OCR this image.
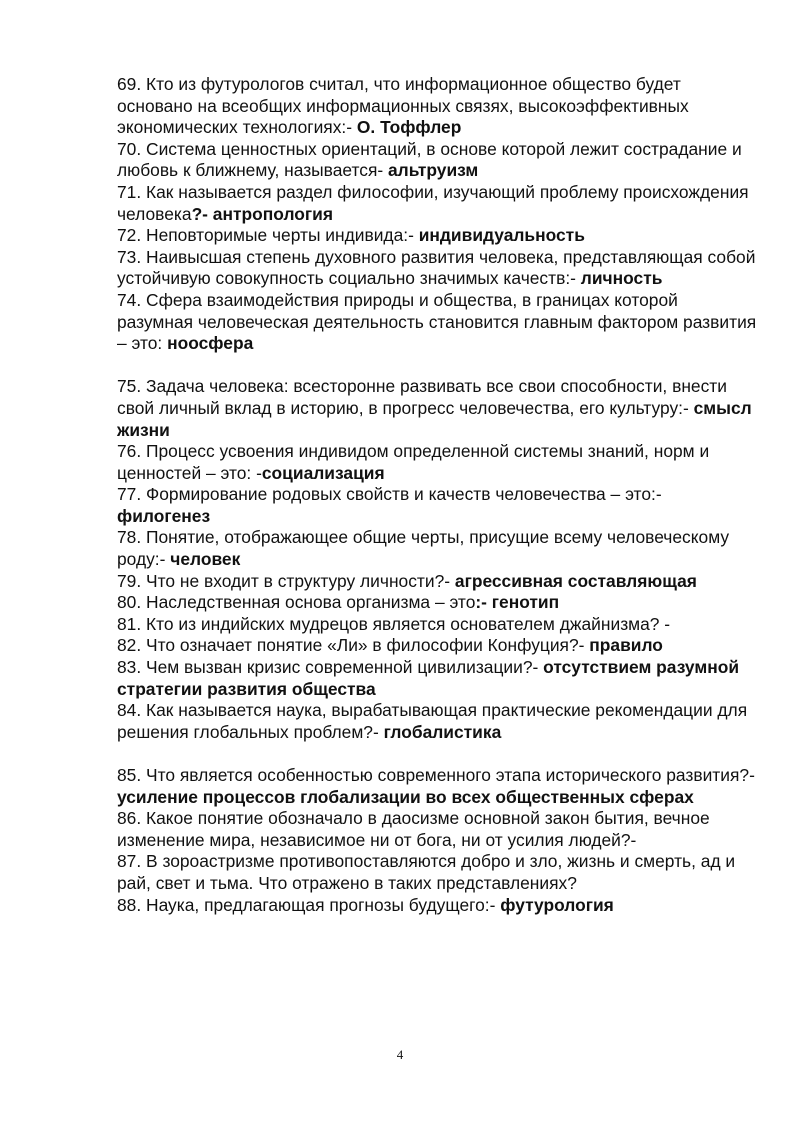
69. Кто из футурологов считал, что информационное общество будет основано на всеобщих информационных связях, высокоэффективных экономических технологиях:- О. Тоффлер

70. Система ценностных ориентаций, в основе которой лежит сострадание и любовь к ближнему, называется- альтруизм

71. Как называется раздел философии, изучающий проблему происхождения человека?- антропология

72. Неповторимые черты индивида:- индивидуальность

73. Наивысшая степень духовного развития человека, представляющая собой устойчивую совокупность социально значимых качеств:- личность

74. Сфера взаимодействия природы и общества, в границах которой разумная человеческая деятельность становится главным фактором развития – это: ноосфера

75. Задача человека: всесторонне развивать все свои способности, внести свой личный вклад в историю, в прогресс человечества, его культуру:- смысл жизни

76. Процесс усвоения индивидом определенной системы знаний, норм и ценностей – это: -социализация

77. Формирование родовых свойств и качеств человечества – это:- филогенез

78. Понятие, отображающее общие черты, присущие всему человеческому роду:- человек

79. Что не входит в структуру личности?- агрессивная составляющая

80. Наследственная основа организма – это:- генотип

81. Кто из индийских мудрецов является основателем джайнизма? -

82. Что означает понятие «Ли» в философии Конфуция?- правило

83. Чем вызван кризис современной цивилизации?- отсутствием разумной стратегии развития общества

84. Как называется наука, вырабатывающая практические рекомендации для решения глобальных проблем?- глобалистика

85. Что является особенностью современного этапа исторического развития?- усиление процессов глобализации во всех общественных сферах

86. Какое понятие обозначало в даосизме основной закон бытия, вечное изменение мира, независимое ни от бога, ни от усилия людей?-

87. В зороастризме противопоставляются добро и зло, жизнь и смерть, ад и рай, свет и тьма. Что отражено в таких представлениях?

88. Наука, предлагающая прогнозы будущего:- футурология

4
